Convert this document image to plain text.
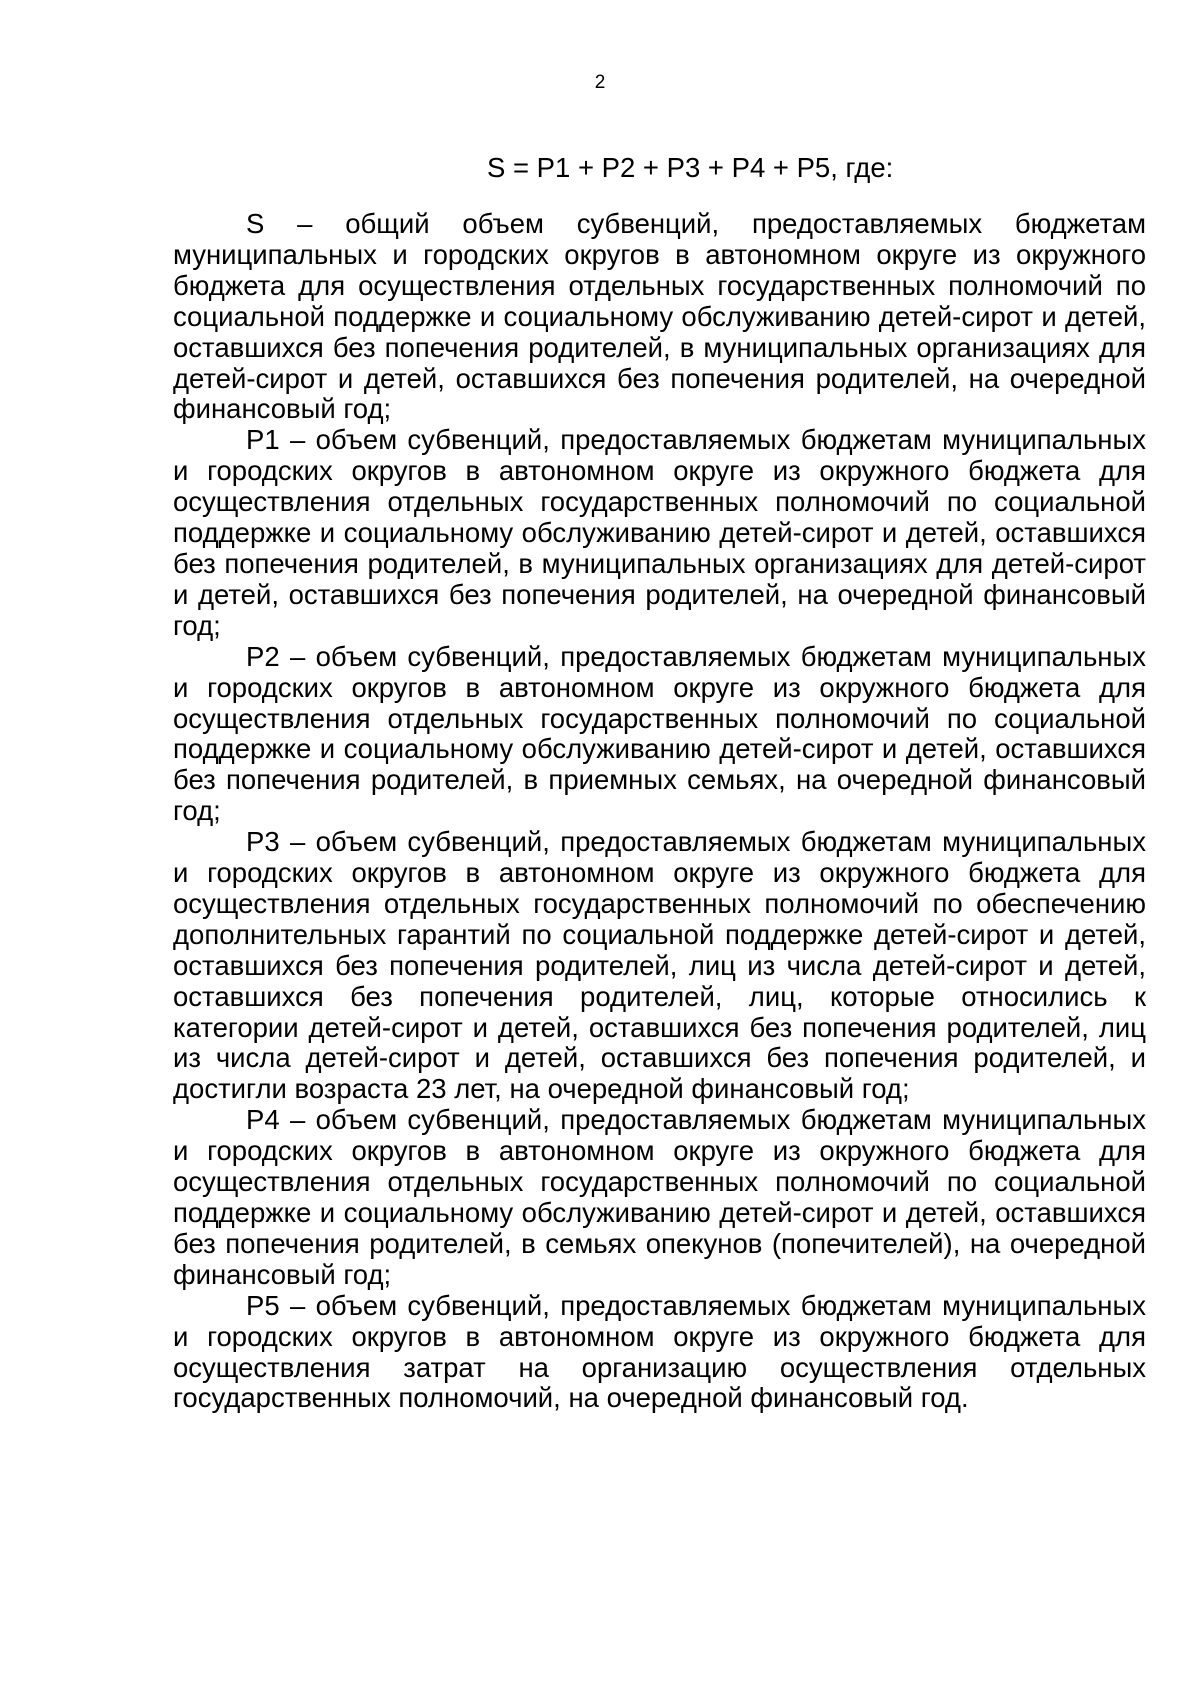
2
S = P1 + P2 + P3 + P4 + P5, где:

S – общий объем субвенций, предоставляемых бюджетам муниципальных и городских округов в автономном округе из окружного бюджета для осуществления отдельных государственных полномочий по социальной поддержке и социальному обслуживанию детей-сирот и детей, оставшихся без попечения родителей, в муниципальных организациях для детей-сирот и детей, оставшихся без попечения родителей, на очередной финансовый год;

P1 – объем субвенций, предоставляемых бюджетам муниципальных и городских округов в автономном округе из окружного бюджета для осуществления отдельных государственных полномочий по социальной поддержке и социальному обслуживанию детей-сирот и детей, оставшихся без попечения родителей, в муниципальных организациях для детей-сирот и детей, оставшихся без попечения родителей, на очередной финансовый год;

P2 – объем субвенций, предоставляемых бюджетам муниципальных и городских округов в автономном округе из окружного бюджета для осуществления отдельных государственных полномочий по социальной поддержке и социальному обслуживанию детей-сирот и детей, оставшихся без попечения родителей, в приемных семьях, на очередной финансовый год;

P3 – объем субвенций, предоставляемых бюджетам муниципальных и городских округов в автономном округе из окружного бюджета для осуществления отдельных государственных полномочий по обеспечению дополнительных гарантий по социальной поддержке детей-сирот и детей, оставшихся без попечения родителей, лиц из числа детей-сирот и детей, оставшихся без попечения родителей, лиц, которые относились к категории детей-сирот и детей, оставшихся без попечения родителей, лиц из числа детей-сирот и детей, оставшихся без попечения родителей, и достигли возраста 23 лет, на очередной финансовый год;

P4 – объем субвенций, предоставляемых бюджетам муниципальных и городских округов в автономном округе из окружного бюджета для осуществления отдельных государственных полномочий по социальной поддержке и социальному обслуживанию детей-сирот и детей, оставшихся без попечения родителей, в семьях опекунов (попечителей), на очередной финансовый год;

P5 – объем субвенций, предоставляемых бюджетам муниципальных и городских округов в автономном округе из окружного бюджета для осуществления затрат на организацию осуществления отдельных государственных полномочий, на очередной финансовый год.
